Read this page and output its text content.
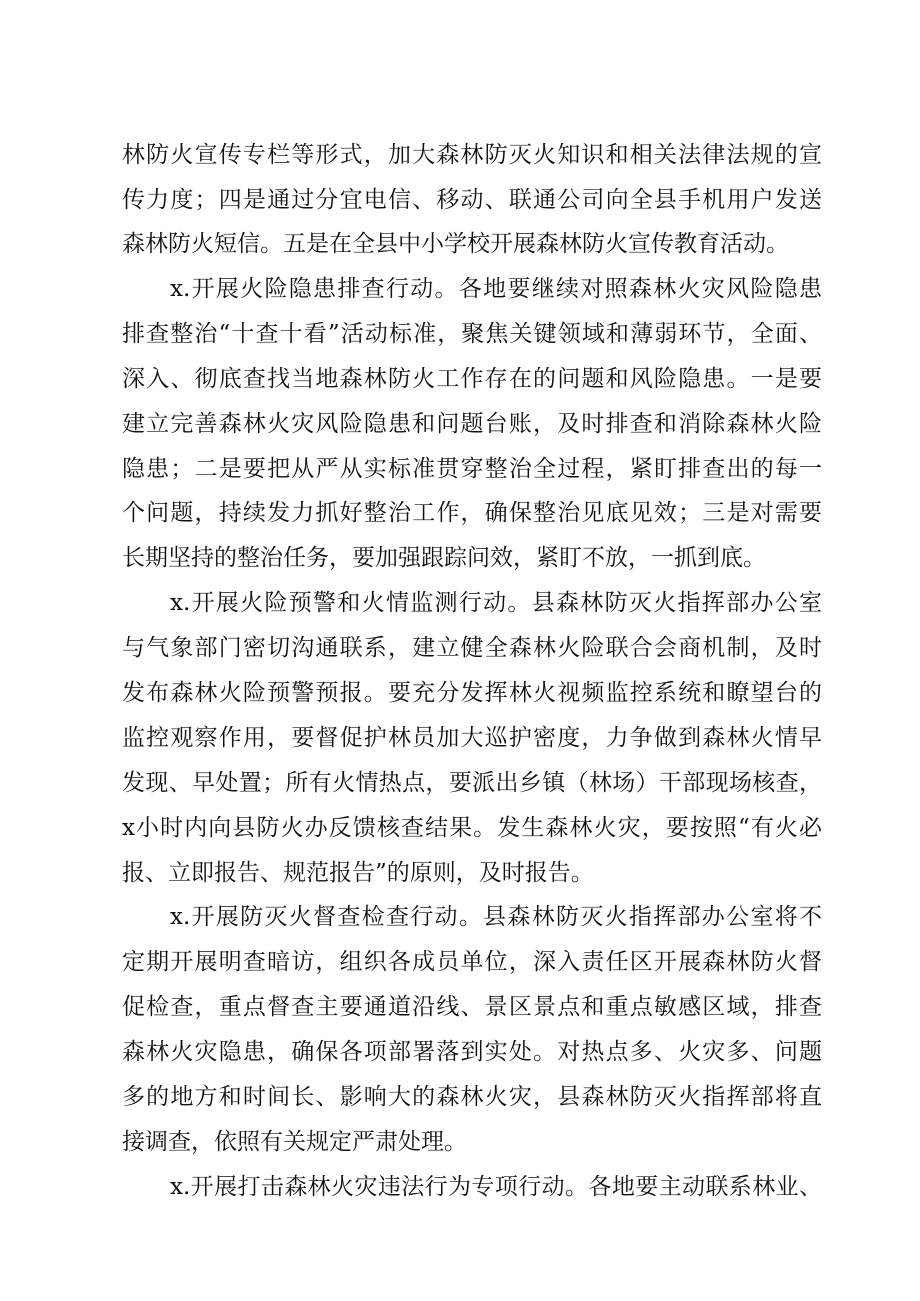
林防火宣传专栏等形式，加大森林防灭火知识和相关法律法规的宣
传力度；四是通过分宜电信、移动、联通公司向全县手机用户发送
森林防火短信。五是在全县中小学校开展森林防火宣传教育活动。
x.开展火险隐患排查行动。各地要继续对照森林火灾风险隐患
排查整治“十查十看”活动标准，聚焦关键领域和薄弱环节，全面、
深入、彻底查找当地森林防火工作存在的问题和风险隐患。一是要
建立完善森林火灾风险隐患和问题台账，及时排查和消除森林火险
隐患；二是要把从严从实标准贯穿整治全过程，紧盯排查出的每一
个问题，持续发力抓好整治工作，确保整治见底见效；三是对需要
长期坚持的整治任务，要加强跟踪问效，紧盯不放，一抓到底。
x.开展火险预警和火情监测行动。县森林防灭火指挥部办公室
与气象部门密切沟通联系，建立健全森林火险联合会商机制，及时
发布森林火险预警预报。要充分发挥林火视频监控系统和瞭望台的
监控观察作用，要督促护林员加大巡护密度，力争做到森林火情早
发现、早处置；所有火情热点，要派出乡镇（林场）干部现场核查，
x小时内向县防火办反馈核查结果。发生森林火灾，要按照“有火必
报、立即报告、规范报告”的原则，及时报告。
x.开展防灭火督查检查行动。县森林防灭火指挥部办公室将不
定期开展明查暗访，组织各成员单位，深入责任区开展森林防火督
促检查，重点督查主要通道沿线、景区景点和重点敏感区域，排查
森林火灾隐患，确保各项部署落到实处。对热点多、火灾多、问题
多的地方和时间长、影响大的森林火灾，县森林防灭火指挥部将直
接调查，依照有关规定严肃处理。
x.开展打击森林火灾违法行为专项行动。各地要主动联系林业、
